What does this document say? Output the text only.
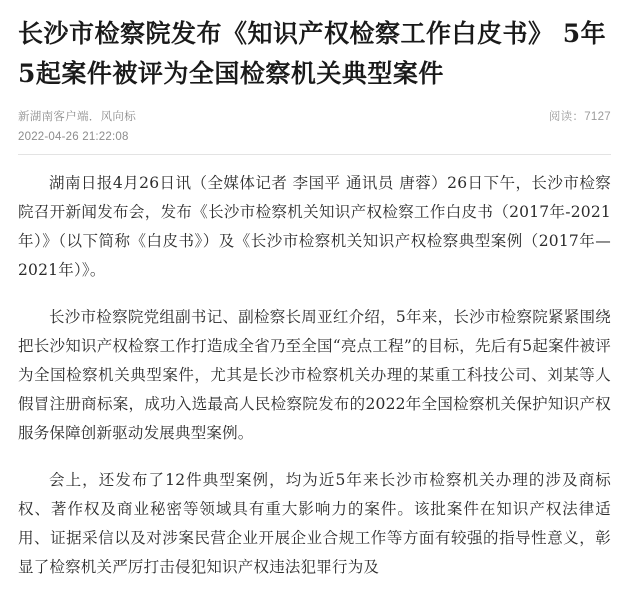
长沙市检察院发布《知识产权检察工作白皮书》 5年5起案件被评为全国检察机关典型案件
新湖南客户端．风向标	阅读：7127
2022-04-26 21:22:08

湖南日报4月26日讯（全媒体记者 李国平 通讯员 唐蓉）26日下午，长沙市检察院召开新闻发布会，发布《长沙市检察机关知识产权检察工作白皮书（2017年-2021年）》（以下简称《白皮书》）及《长沙市检察机关知识产权检察典型案例（2017年—2021年）》。

长沙市检察院党组副书记、副检察长周亚红介绍，5年来，长沙市检察院紧紧围绕把长沙知识产权检察工作打造成全省乃至全国“亮点工程”的目标，先后有5起案件被评为全国检察机关典型案件，尤其是长沙市检察机关办理的某重工科技公司、刘某等人假冒注册商标案，成功入选最高人民检察院发布的2022年全国检察机关保护知识产权服务保障创新驱动发展典型案例。

会上，还发布了12件典型案例，均为近5年来长沙市检察机关办理的涉及商标权、著作权及商业秘密等领域具有重大影响力的案件。该批案件在知识产权法律适用、证据采信以及对涉案民营企业开展企业合规工作等方面有较强的指导性意义，彰显了检察机关严厉打击侵犯知识产权违法犯罪行为及
